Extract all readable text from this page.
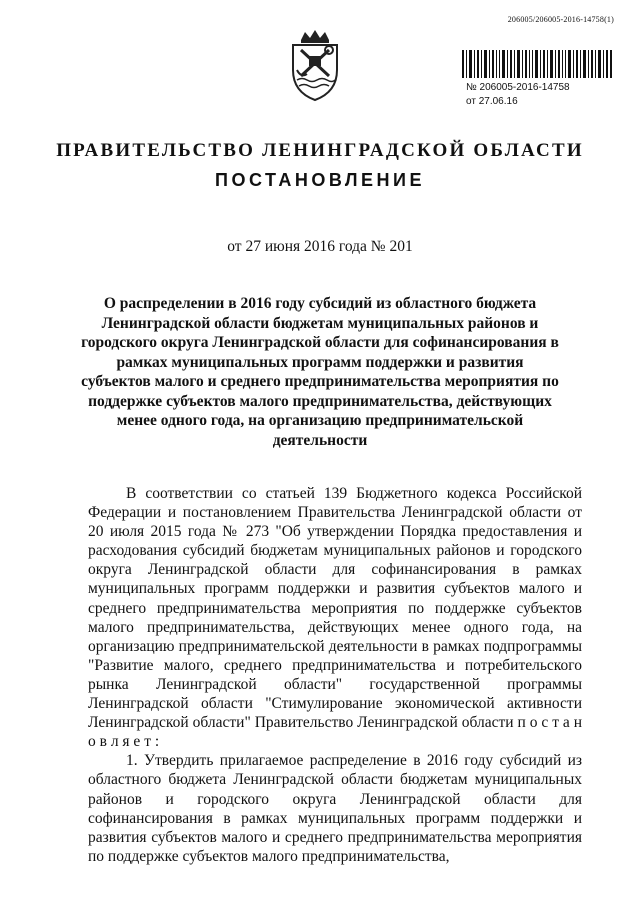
206005/206005-2016-14758(1)
№ 206005-2016-14758
от 27.06.16
ПРАВИТЕЛЬСТВО ЛЕНИНГРАДСКОЙ ОБЛАСТИ
ПОСТАНОВЛЕНИЕ
от 27 июня 2016 года № 201
О распределении в 2016 году субсидий из областного бюджета Ленинградской области бюджетам муниципальных районов и городского округа Ленинградской области для софинансирования в рамках муниципальных программ поддержки и развития субъектов малого и среднего предпринимательства мероприятия по поддержке субъектов малого предпринимательства, действующих менее одного года, на организацию предпринимательской деятельности

В соответствии со статьей 139 Бюджетного кодекса Российской Федерации и постановлением Правительства Ленинградской области от 20 июля 2015 года № 273 "Об утверждении Порядка предоставления и расходования субсидий бюджетам муниципальных районов и городского округа Ленинградской области для софинансирования в рамках муниципальных программ поддержки и развития субъектов малого и среднего предпринимательства мероприятия по поддержке субъектов малого предпринимательства, действующих менее одного года, на организацию предпринимательской деятельности в рамках подпрограммы "Развитие малого, среднего предпринимательства и потребительского рынка Ленинградской области" государственной программы Ленинградской области "Стимулирование экономической активности Ленинградской области" Правительство Ленинградской области п о с т а н о в л я е т :

1. Утвердить прилагаемое распределение в 2016 году субсидий из областного бюджета Ленинградской области бюджетам муниципальных районов и городского округа Ленинградской области для софинансирования в рамках муниципальных программ поддержки и развития субъектов малого и среднего предпринимательства мероприятия по поддержке субъектов малого предпринимательства,
